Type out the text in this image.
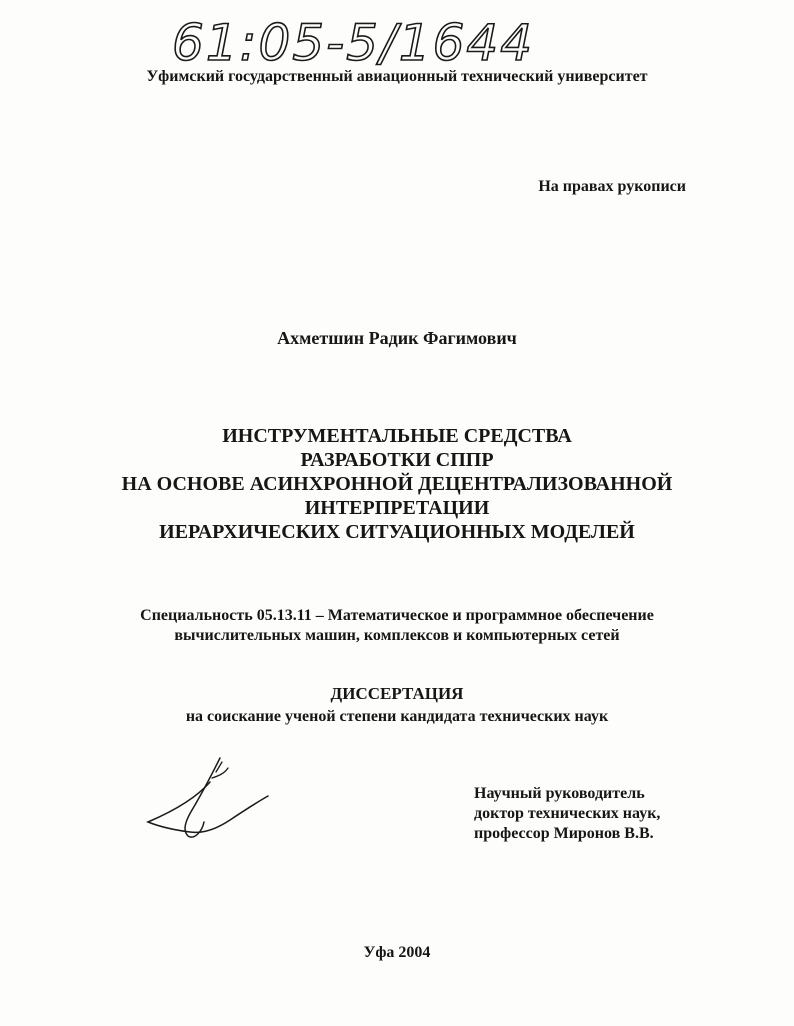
61:05-5/1644
Уфимский государственный авиационный технический университет
На правах рукописи
Ахметшин Радик Фагимович
ИНСТРУМЕНТАЛЬНЫЕ СРЕДСТВА
РАЗРАБОТКИ СППР
НА ОСНОВЕ АСИНХРОННОЙ ДЕЦЕНТРАЛИЗОВАННОЙ
ИНТЕРПРЕТАЦИИ
ИЕРАРХИЧЕСКИХ СИТУАЦИОННЫХ МОДЕЛЕЙ
Специальность 05.13.11 – Математическое и программное обеспечение
вычислительных машин, комплексов и компьютерных сетей
ДИССЕРТАЦИЯ
на соискание ученой степени кандидата технических наук
Научный руководитель
доктор технических наук,
профессор Миронов В.В.
Уфа 2004
